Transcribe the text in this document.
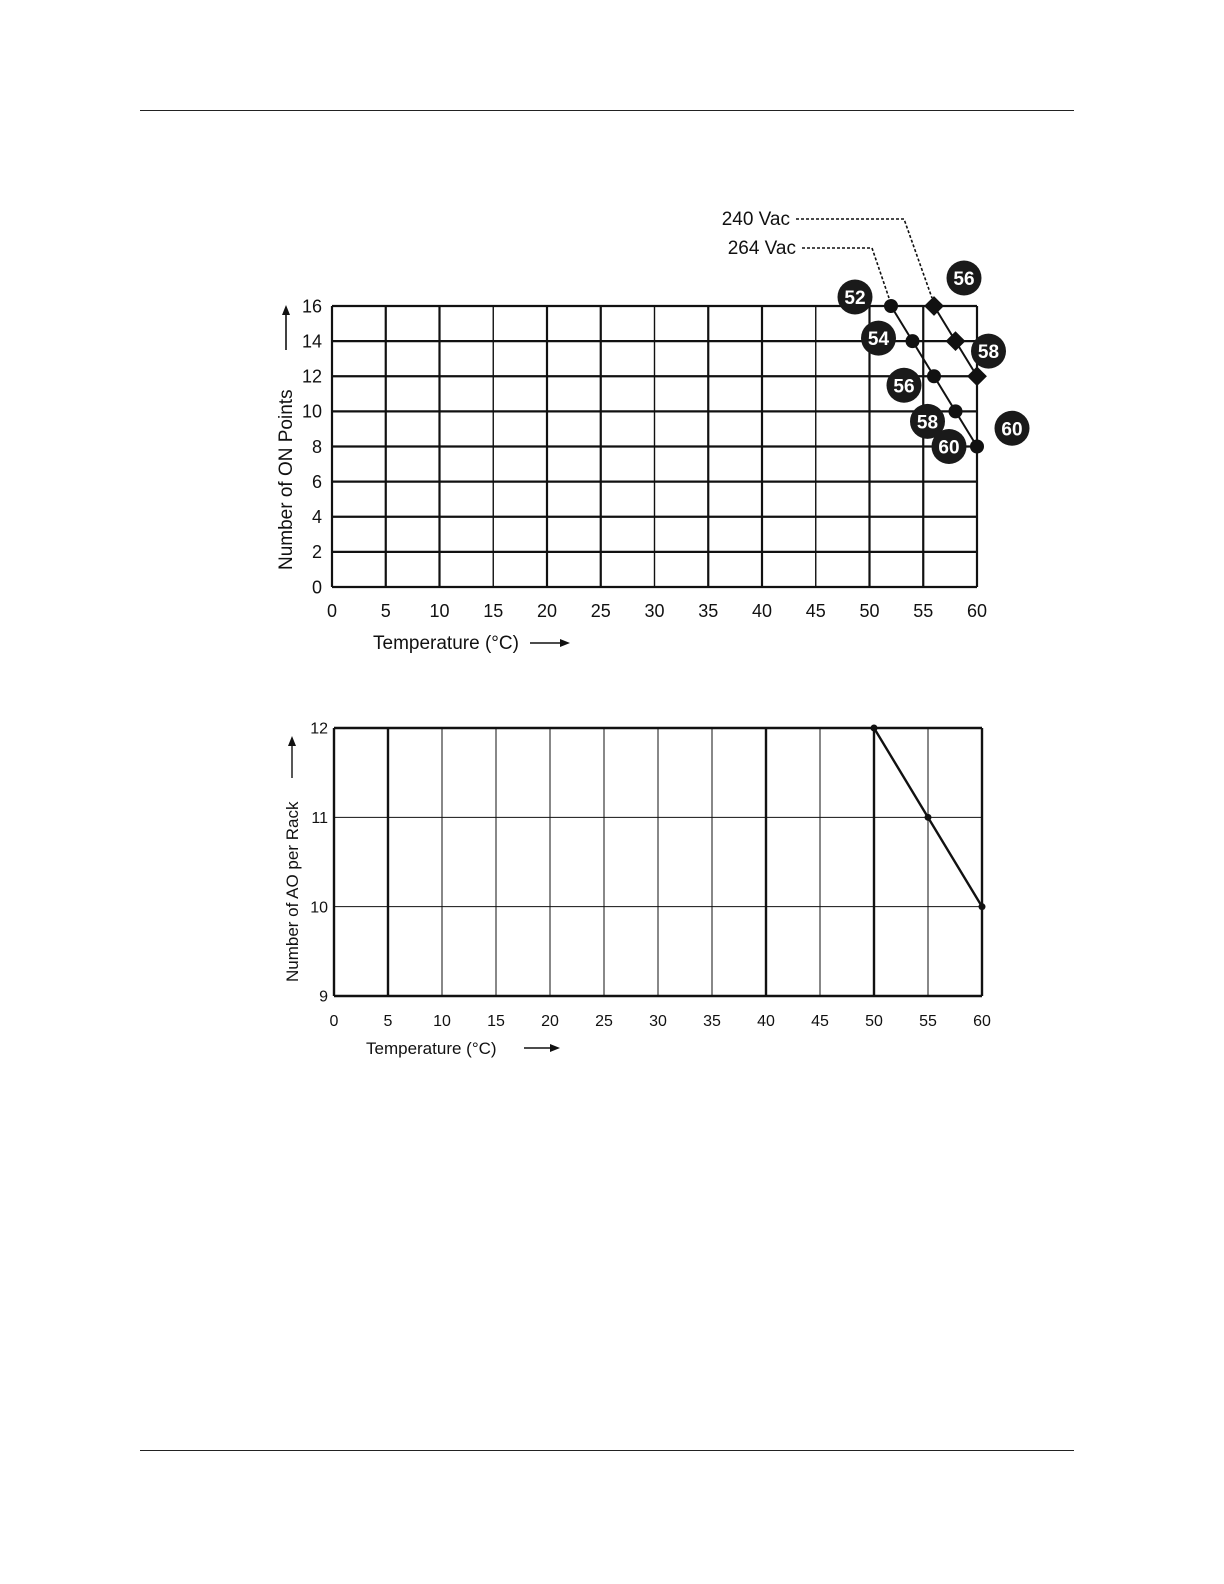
0 5 10 15 20 25 30 35 40 45 50 55 60
0
2
4
6
8
10
12
14
16
56
58
60
52
54
56
58
60
240 Vac
264 Vac
Temperature (°C)
Number of ON Points
0	5	10 15 20 25 30 35 40 45 50 55 60
9
10
11
12
Temperature (°C)
Number of AO per Rack
